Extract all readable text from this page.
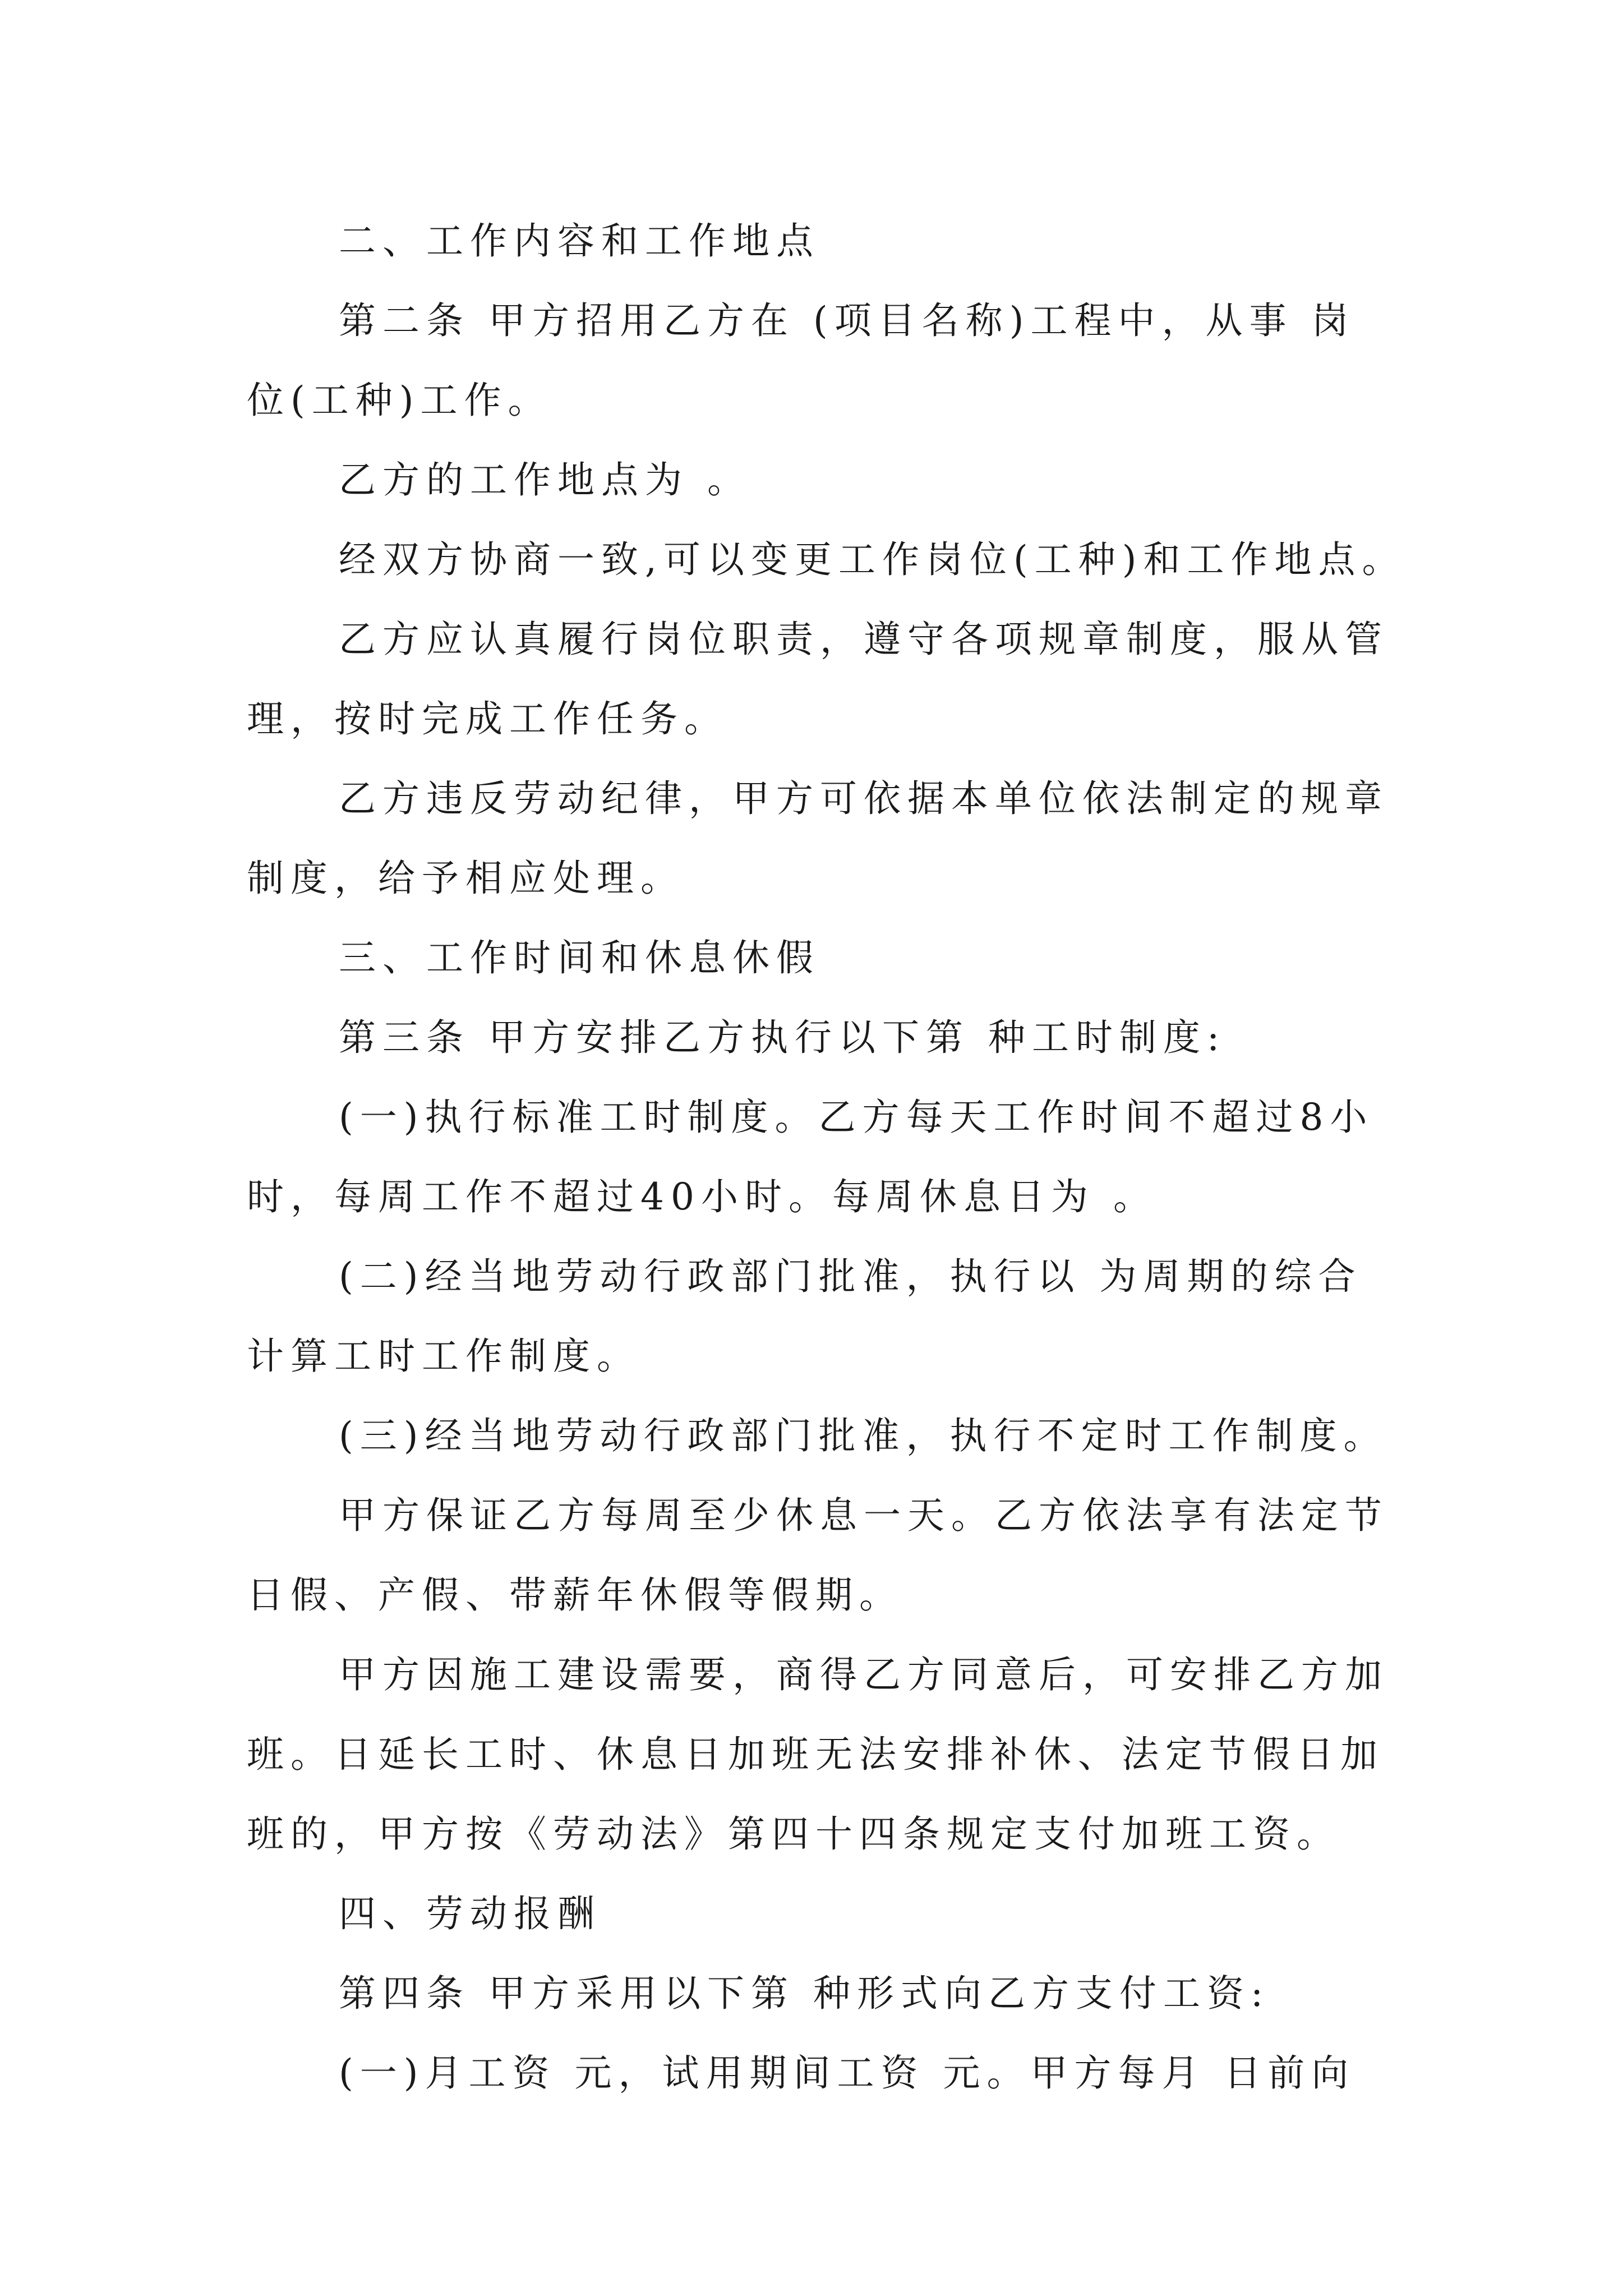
二、工作内容和工作地点
第二条 甲方招用乙方在 (项目名称)工程中，从事 岗
位(工种)工作。
乙方的工作地点为 。
经双方协商一致,可以变更工作岗位(工种)和工作地点。
乙方应认真履行岗位职责，遵守各项规章制度，服从管
理，按时完成工作任务。
乙方违反劳动纪律，甲方可依据本单位依法制定的规章
制度，给予相应处理。
三、工作时间和休息休假
第三条 甲方安排乙方执行以下第 种工时制度:
(一)执行标准工时制度。乙方每天工作时间不超过8小
时，每周工作不超过40小时。每周休息日为 。
(二)经当地劳动行政部门批准，执行以 为周期的综合
计算工时工作制度。
(三)经当地劳动行政部门批准，执行不定时工作制度。
甲方保证乙方每周至少休息一天。乙方依法享有法定节
日假、产假、带薪年休假等假期。
甲方因施工建设需要，商得乙方同意后，可安排乙方加
班。日延长工时、休息日加班无法安排补休、法定节假日加
班的，甲方按《劳动法》第四十四条规定支付加班工资。
四、劳动报酬
第四条 甲方采用以下第 种形式向乙方支付工资:
(一)月工资 元，试用期间工资 元。甲方每月 日前向
